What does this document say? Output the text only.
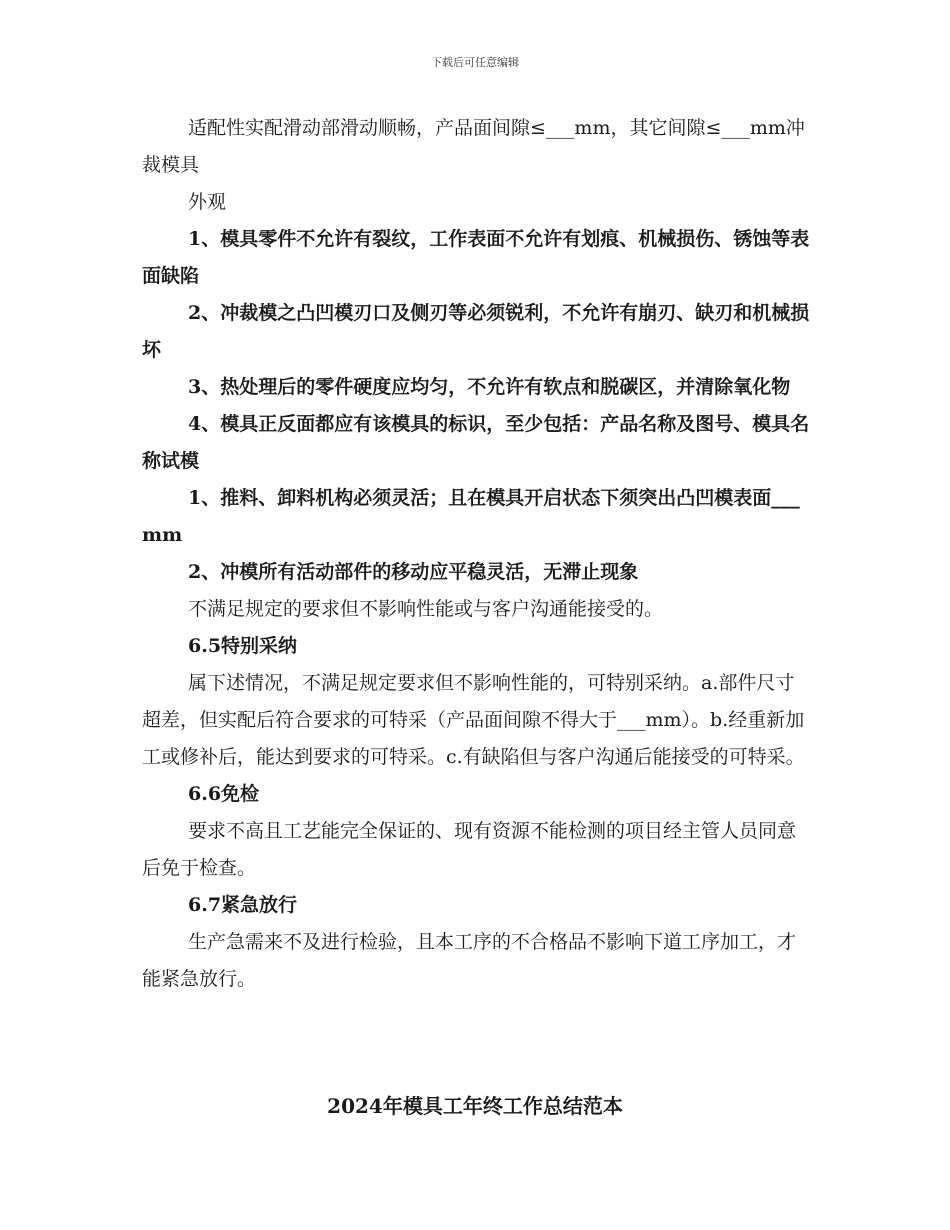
下载后可任意编辑

适配性实配滑动部滑动顺畅，产品面间隙≤___mm，其它间隙≤___mm冲裁模具

外观

1、模具零件不允许有裂纹，工作表面不允许有划痕、机械损伤、锈蚀等表面缺陷

2、冲裁模之凸凹模刃口及侧刃等必须锐利，不允许有崩刃、缺刃和机械损坏

3、热处理后的零件硬度应均匀，不允许有软点和脱碳区，并清除氧化物

4、模具正反面都应有该模具的标识，至少包括：产品名称及图号、模具名称试模

1、推料、卸料机构必须灵活；且在模具开启状态下须突出凸凹模表面___mm

2、冲模所有活动部件的移动应平稳灵活，无滞止现象

不满足规定的要求但不影响性能或与客户沟通能接受的。

6.5特别采纳

属下述情况，不满足规定要求但不影响性能的，可特别采纳。a.部件尺寸超差，但实配后符合要求的可特采（产品面间隙不得大于___mm）。b.经重新加工或修补后，能达到要求的可特采。c.有缺陷但与客户沟通后能接受的可特采。

6.6免检

要求不高且工艺能完全保证的、现有资源不能检测的项目经主管人员同意后免于检查。

6.7紧急放行

生产急需来不及进行检验，且本工序的不合格品不影响下道工序加工，才能紧急放行。

2024年模具工年终工作总结范本
